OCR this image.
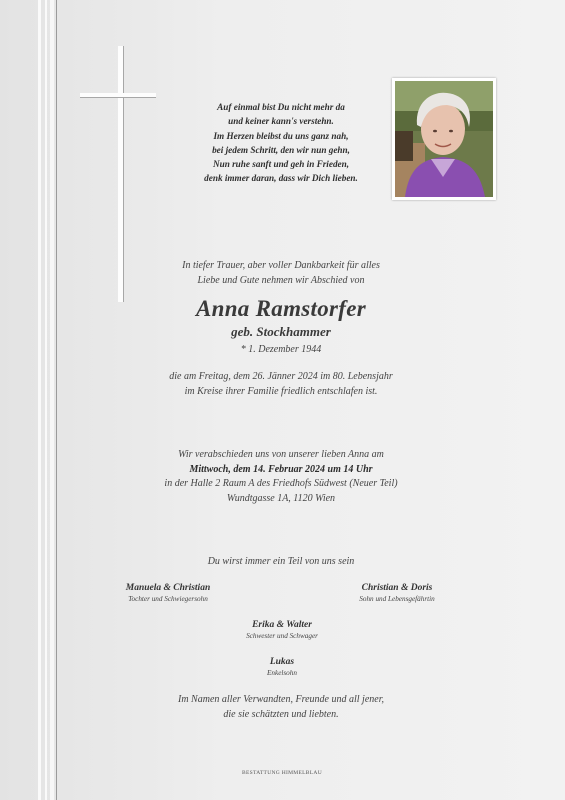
Auf einmal bist Du nicht mehr da
und keiner kann's verstehn.
Im Herzen bleibst du uns ganz nah,
bei jedem Schritt, den wir nun gehn,
Nun ruhe sanft und geh in Frieden,
denk immer daran, dass wir Dich lieben.
In tiefer Trauer, aber voller Dankbarkeit für alles
Liebe und Gute nehmen wir Abschied von
Anna Ramstorfer
geb. Stockhammer
* 1. Dezember 1944
die am Freitag, dem 26. Jänner 2024 im 80. Lebensjahr
im Kreise ihrer Familie friedlich entschlafen ist.
Wir verabschieden uns von unserer lieben Anna am
Mittwoch, dem 14. Februar 2024 um 14 Uhr
in der Halle 2 Raum A des Friedhofs Südwest (Neuer Teil)
Wundtgasse 1A, 1120 Wien
Du wirst immer ein Teil von uns sein
Manuela & Christian
Tochter und Schwiegersohn
Christian & Doris
Sohn und Lebensgefährtin
Erika & Walter
Schwester und Schwager
Lukas
Enkelsohn
Im Namen aller Verwandten, Freunde und all jener,
die sie schätzten und liebten.
BESTATTUNG HIMMELBLAU
